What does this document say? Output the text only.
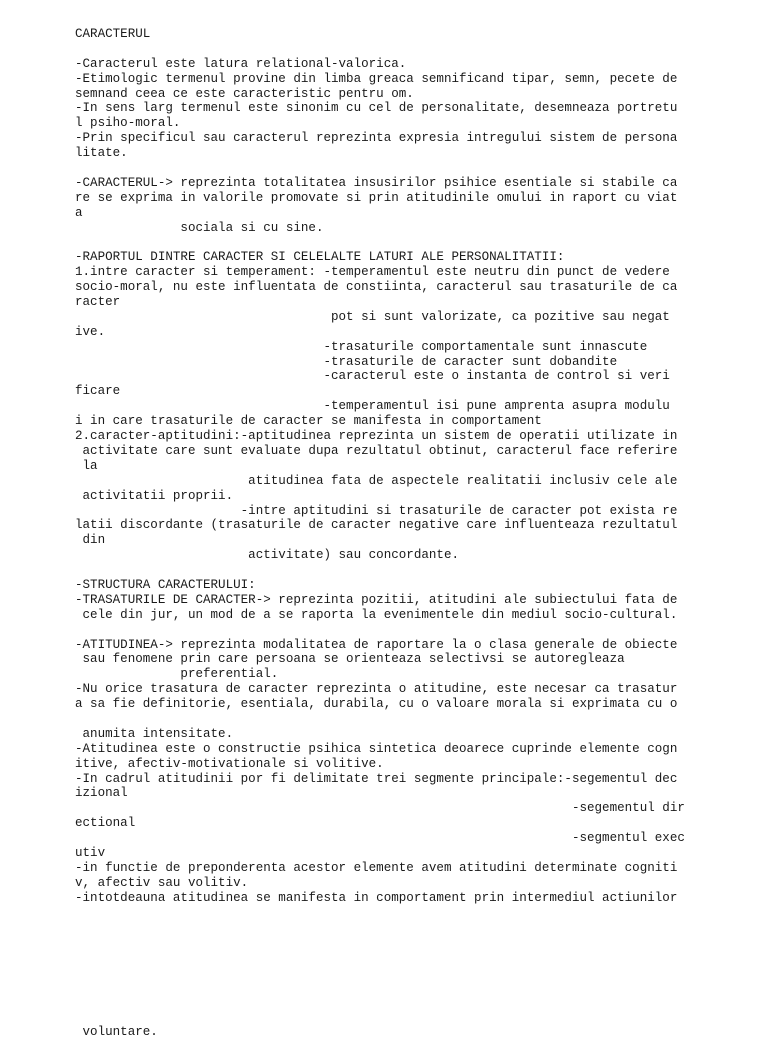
CARACTERUL
-Caracterul este latura relational-valorica.
-Etimologic termenul provine din limba greaca semnificand tipar, semn, pecete de
semnand ceea ce este caracteristic pentru om.
-In sens larg termenul este sinonim cu cel de personalitate, desemneaza portretu
l psiho-moral.
-Prin specificul sau caracterul reprezinta expresia intregului sistem de persona
litate.
-CARACTERUL-> reprezinta totalitatea insusirilor psihice esentiale si stabile ca
re se exprima in valorile promovate si prin atitudinile omului in raport cu viat
a
sociala si cu sine.
-RAPORTUL DINTRE CARACTER SI CELELALTE LATURI ALE PERSONALITATII:
1.intre caracter si temperament: -temperamentul este neutru din punct de vedere
socio-moral, nu este influentata de constiinta, caracterul sau trasaturile de ca
racter
pot si sunt valorizate, ca pozitive sau negat
ive.
-trasaturile comportamentale sunt innascute
-trasaturile de caracter sunt dobandite
-caracterul este o instanta de control si veri
ficare
-temperamentul isi pune amprenta asupra modulu
i in care trasaturile de caracter se manifesta in comportament
2.caracter-aptitudini:-aptitudinea reprezinta un sistem de operatii utilizate in
activitate care sunt evaluate dupa rezultatul obtinut, caracterul face referire
la
atitudinea fata de aspectele realitatii inclusiv cele ale
activitatii proprii.
-intre aptitudini si trasaturile de caracter pot exista re
latii discordante (trasaturile de caracter negative care influenteaza rezultatul
din
activitate) sau concordante.
-STRUCTURA CARACTERULUI:
-TRASATURILE DE CARACTER-> reprezinta pozitii, atitudini ale subiectului fata de
cele din jur, un mod de a se raporta la evenimentele din mediul socio-cultural.
-ATITUDINEA-> reprezinta modalitatea de raportare la o clasa generale de obiecte
sau fenomene prin care persoana se orienteaza selectivsi se autoregleaza
preferential.
-Nu orice trasatura de caracter reprezinta o atitudine, este necesar ca trasatur
a sa fie definitorie, esentiala, durabila, cu o valoare morala si exprimata cu o
anumita intensitate.
-Atitudinea este o constructie psihica sintetica deoarece cuprinde elemente cogn
itive, afectiv-motivationale si volitive.
-In cadrul atitudinii por fi delimitate trei segmente principale:-segementul dec
izional
-segementul dir
ectional
-segmentul exec
utiv
-in functie de preponderenta acestor elemente avem atitudini determinate cogniti
v, afectiv sau volitiv.
-intotdeauna atitudinea se manifesta in comportament prin intermediul actiunilor
voluntare.
